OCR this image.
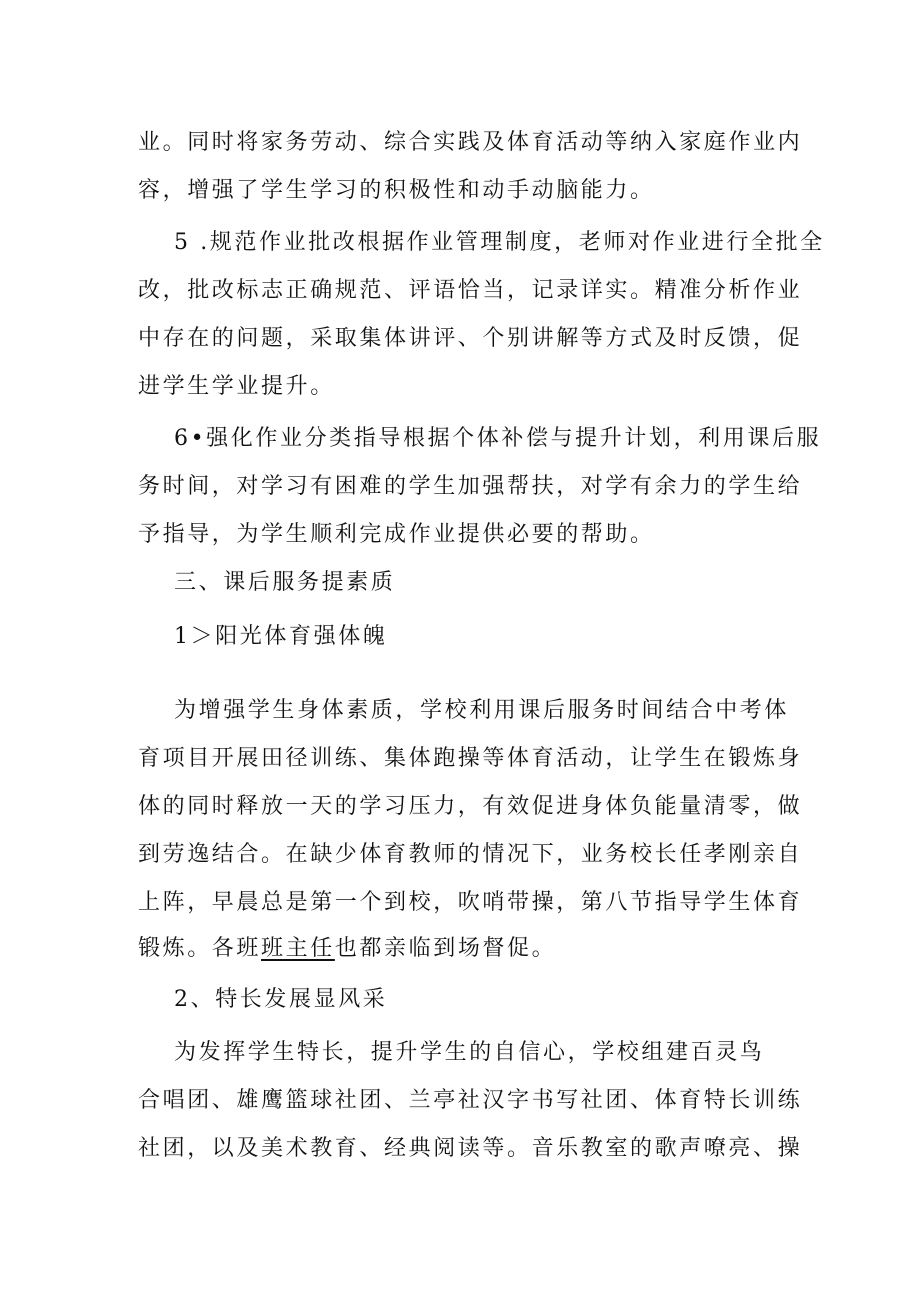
业。同时将家务劳动、综合实践及体育活动等纳入家庭作业内
容，增强了学生学习的积极性和动手动脑能力。
5 .规范作业批改根据作业管理制度，老师对作业进行全批全
改，批改标志正确规范、评语恰当，记录详实。精准分析作业
中存在的问题，采取集体讲评、个别讲解等方式及时反馈，促
进学生学业提升。
6•强化作业分类指导根据个体补偿与提升计划，利用课后服
务时间，对学习有困难的学生加强帮扶，对学有余力的学生给
予指导，为学生顺利完成作业提供必要的帮助。
三、课后服务提素质
1＞阳光体育强体魄
为增强学生身体素质，学校利用课后服务时间结合中考体
育项目开展田径训练、集体跑操等体育活动，让学生在锻炼身
体的同时释放一天的学习压力，有效促进身体负能量清零，做
到劳逸结合。在缺少体育教师的情况下，业务校长任孝刚亲自
上阵，早晨总是第一个到校，吹哨带操，第八节指导学生体育
锻炼。各班班主任也都亲临到场督促。
2、特长发展显风采
为发挥学生特长，提升学生的自信心，学校组建百灵鸟
合唱团、雄鹰篮球社团、兰亭社汉字书写社团、体育特长训练
社团，以及美术教育、经典阅读等。音乐教室的歌声嘹亮、操
